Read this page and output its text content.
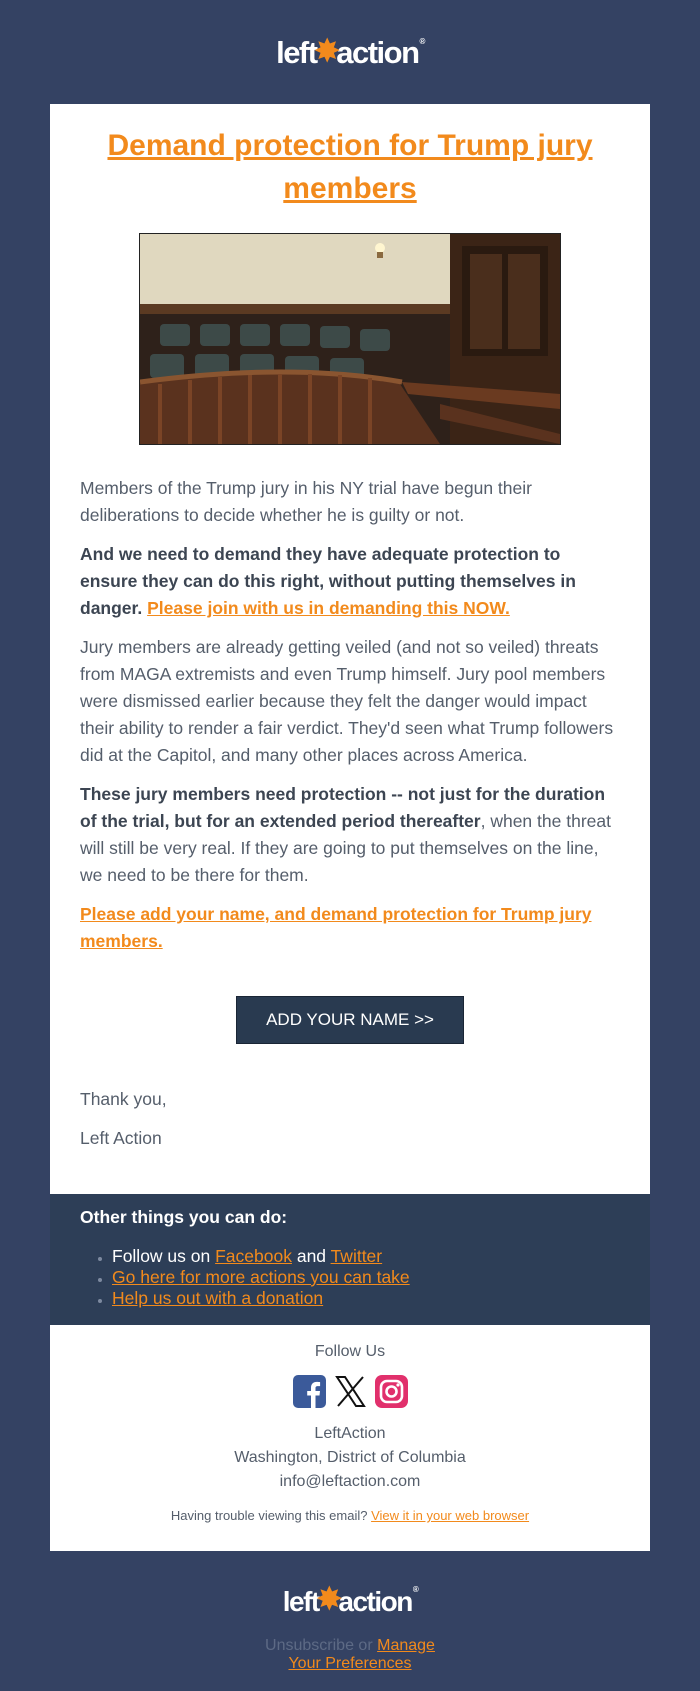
left
✸
action ®
Demand protection for Trump jury members

Members of the Trump jury in his NY trial have begun their deliberations to decide whether he is guilty or not.

And we need to demand they have adequate protection to ensure they can do this right, without putting themselves in danger. Please join with us in demanding this NOW.

Jury members are already getting veiled (and not so veiled) threats from MAGA extremists and even Trump himself. Jury pool members were dismissed earlier because they felt the danger would impact their ability to render a fair verdict. They'd seen what Trump followers did at the Capitol, and many other places across America.

These jury members need protection -- not just for the duration of the trial, but for an extended period thereafter, when the threat will still be very real. If they are going to put themselves on the line, we need to be there for them.

Please add your name, and demand protection for Trump jury members.

ADD YOUR NAME >>

Thank you,

Left Action

Other things you can do:

• Follow us on Facebook and Twitter
• Go here for more actions you can take
• Help us out with a donation
Follow Us
LeftAction
Washington, District of Columbia
info@leftaction.com
Having trouble viewing this email? View it in your web browser
left
✸
action ®
Unsubscribe or Manage
Your Preferences
